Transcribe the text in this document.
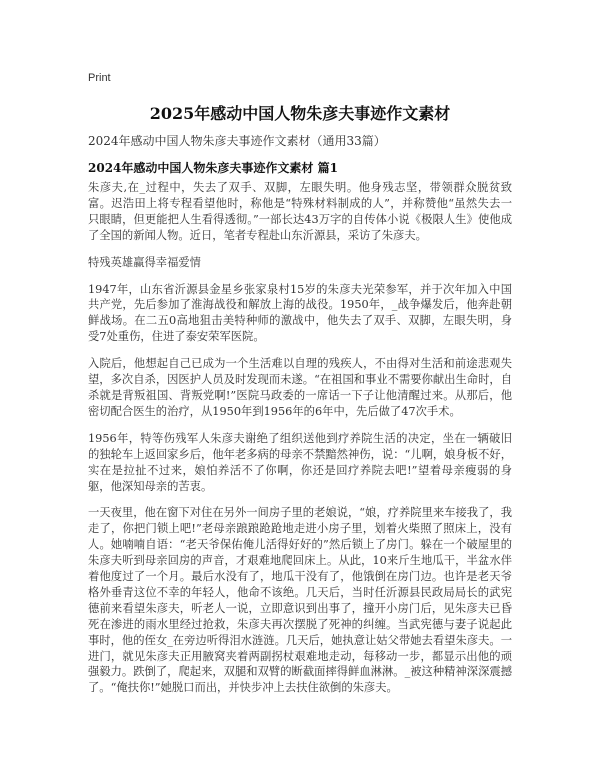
Print
2025年感动中国人物朱彦夫事迹作文素材
2024年感动中国人物朱彦夫事迹作文素材（通用33篇）
2024年感动中国人物朱彦夫事迹作文素材 篇1

朱彦夫,在_过程中，失去了双手、双脚，左眼失明。他身残志坚，带领群众脱贫致富。迟浩田上将专程看望他时，称他是“特殊材料制成的人”，并称赞他“虽然失去一只眼睛，但更能把人生看得透彻。”一部长达43万字的自传体小说《极限人生》使他成了全国的新闻人物。近日，笔者专程赴山东沂源县，采访了朱彦夫。

特残英雄赢得幸福爱情

1947年，山东省沂源县金星乡张家泉村15岁的朱彦夫光荣参军，并于次年加入中国共产党，先后参加了淮海战役和解放上海的战役。1950年，_战争爆发后，他奔赴朝鲜战场。在二五0高地狙击美特种师的激战中，他失去了双手、双脚，左眼失明，身受7处重伤，住进了泰安荣军医院。

入院后，他想起自己已成为一个生活难以自理的残疾人，不由得对生活和前途悲观失望，多次自杀，因医护人员及时发现而未遂。“在祖国和事业不需要你献出生命时，自杀就是背叛祖国、背叛党啊!”医院马政委的一席话一下子让他清醒过来。从那后，他密切配合医生的治疗，从1950年到1956年的6年中，先后做了47次手术。

1956年，特等伤残军人朱彦夫谢绝了组织送他到疗养院生活的决定，坐在一辆破旧的独轮车上返回家乡后，他年老多病的母亲不禁黯然神伤，说：“儿啊，娘身板不好，实在是拉扯不过来，娘怕养活不了你啊，你还是回疗养院去吧!”望着母亲瘦弱的身躯，他深知母亲的苦衷。

一天夜里，他在窗下对住在另外一间房子里的老娘说，“娘，疗养院里来车接我了，我走了，你把门锁上吧!”老母亲踉踉跄跄地走进小房子里，划着火柴照了照床上，没有人。她喃喃自语：“老天爷保佑俺儿活得好好的”然后锁上了房门。躲在一个破屋里的朱彦夫听到母亲回房的声音，才艰难地爬回床上。从此，10来斤生地瓜干，半盆水伴着他度过了一个月。最后水没有了，地瓜干没有了，他饿倒在房门边。也许是老天爷格外垂青这位不幸的年轻人，他命不该绝。几天后，当时任沂源县民政局局长的武宪德前来看望朱彦夫，听老人一说，立即意识到出事了，撞开小房门后，见朱彦夫已昏死在渗进的雨水里经过抢救，朱彦夫再次摆脱了死神的纠缠。当武宪德与妻子说起此事时，他的侄女_在旁边听得泪水涟涟。几天后，她执意让姑父带她去看望朱彦夫。一进门，就见朱彦夫正用腋窝夹着两副拐杖艰难地走动，每移动一步，都显示出他的顽强毅力。跌倒了，爬起来，双腿和双臂的断截面摔得鲜血淋淋。_被这种精神深深震撼了。“俺扶你!”她脱口而出，并快步冲上去扶住欲倒的朱彦夫。
